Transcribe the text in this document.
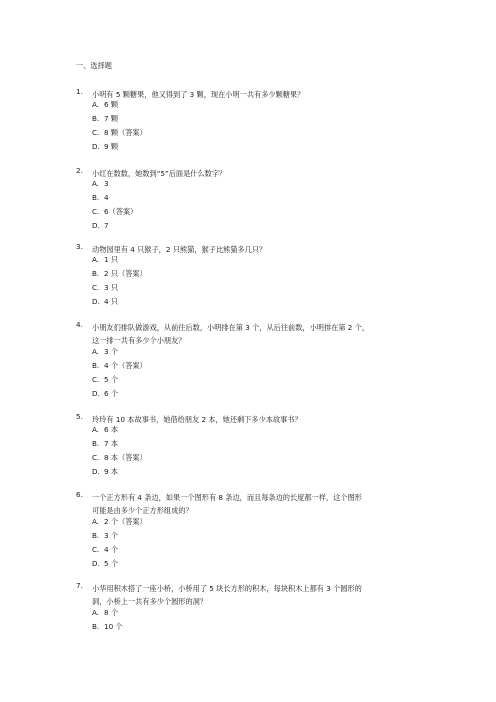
一、选择题
1. 小明有 5 颗糖果，他又得到了 3 颗，现在小明一共有多少颗糖果？
A. 6 颗
B. 7 颗
C. 8 颗（答案）
D. 9 颗
2. 小红在数数，她数到“5”后面是什么数字？
A. 3
B. 4
C. 6（答案）
D. 7
3. 动物园里有 4 只猴子，2 只熊猫，猴子比熊猫多几只？
A. 1 只
B. 2 只（答案）
C. 3 只
D. 4 只
4. 小朋友们排队做游戏，从前往后数，小明排在第 3 个，从后往前数，小明排在第 2 个，
这一排一共有多少个小朋友？
A. 3 个
B. 4 个（答案）
C. 5 个
D. 6 个
5. 玲玲有 10 本故事书，她借给朋友 2 本，她还剩下多少本故事书？
A. 6 本
B. 7 本
C. 8 本（答案）
D. 9 本
6. 一个正方形有 4 条边，如果一个图形有 8 条边，而且每条边的长度都一样，这个图形
可能是由多少个正方形组成的？
A. 2 个（答案）
B. 3 个
C. 4 个
D. 5 个
7. 小华用积木搭了一座小桥，小桥用了 5 块长方形的积木，每块积木上都有 3 个圆形的
洞，小桥上一共有多少个圆形的洞？
A. 8 个
B. 10 个
